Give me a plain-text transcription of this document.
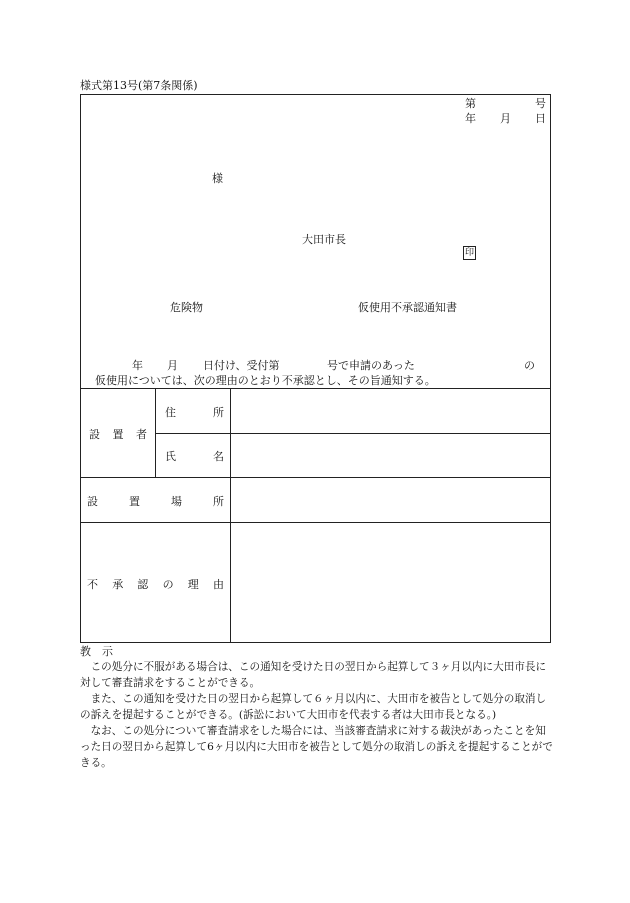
様式第13号(第7条関係)
第	号
年 月 日
様
大田市長
印
危険物	仮使用不承認通知書
年 月 日付け、受付第	号で申請のあった	の
仮使用については、次の理由のとおり不承認とし、その旨通知する。
設 置 者
住	所
氏	名
設	置	場	所
不 承 認 の 理 由
教　示

この処分に不服がある場合は、この通知を受けた日の翌日から起算して３ヶ月以内に大田市長に対して審査請求をすることができる。

また、この通知を受けた日の翌日から起算して６ヶ月以内に、大田市を被告として処分の取消しの訴えを提起することができる。(訴訟において大田市を代表する者は大田市長となる。)

なお、この処分について審査請求をした場合には、当該審査請求に対する裁決があったことを知った日の翌日から起算して6ヶ月以内に大田市を被告として処分の取消しの訴えを提起することができる。
